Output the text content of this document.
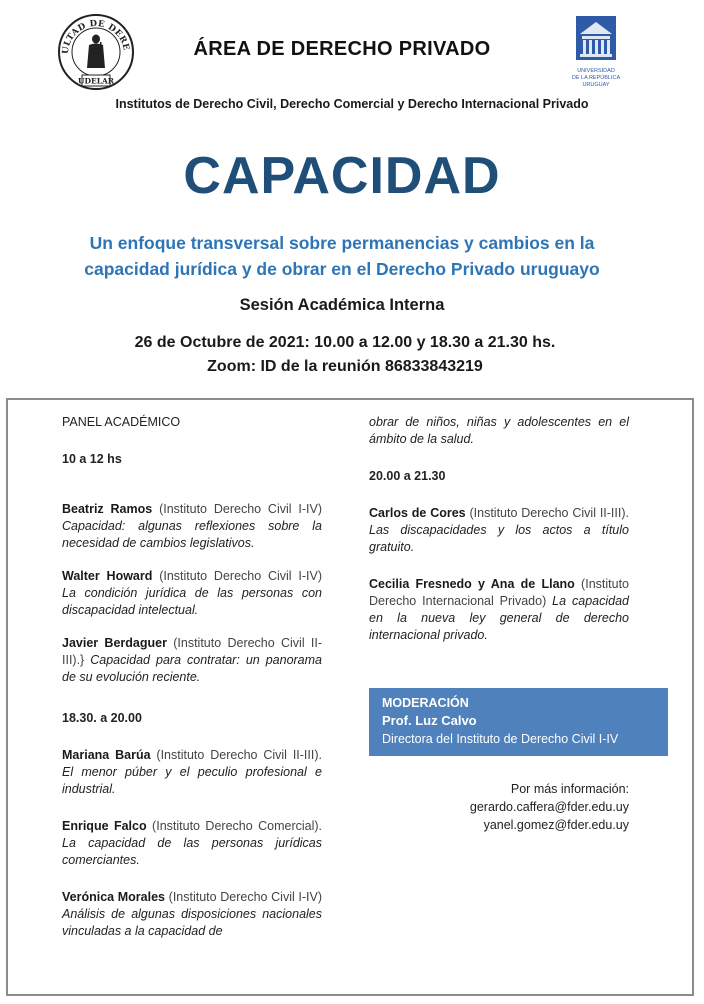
ULTAD DE DERE
UDELAR
UNIVERSIDAD
DE LA REPÚBLICA
URUGUAY
ÁREA DE DERECHO PRIVADO
Institutos de Derecho Civil, Derecho Comercial y Derecho Internacional Privado
CAPACIDAD
Un enfoque transversal sobre permanencias y cambios en la
capacidad jurídica y de obrar en el Derecho Privado uruguayo
Sesión Académica Interna
26 de Octubre de 2021: 10.00 a 12.00 y 18.30 a 21.30 hs.
Zoom: ID de la reunión 86833843219

PANEL ACADÉMICO

10 a 12 hs

Beatriz Ramos (Instituto Derecho Civil I-IV) Capacidad: algunas reflexiones sobre la necesidad de cambios legislativos.

Walter Howard (Instituto Derecho Civil I-IV) La condición jurídica de las personas con discapacidad intelectual.

Javier Berdaguer (Instituto Derecho Civil II-III).} Capacidad para contratar: un panorama de su evolución reciente.

18.30. a 20.00

Mariana Barúa (Instituto Derecho Civil II-III). El menor púber y el peculio profesional e industrial.

Enrique Falco (Instituto Derecho Comercial). La capacidad de las personas jurídicas comerciantes.

Verónica Morales (Instituto Derecho Civil I-IV) Análisis de algunas disposiciones nacionales vinculadas a la capacidad de

obrar de niños, niñas y adolescentes en el ámbito de la salud.

20.00 a 21.30

Carlos de Cores (Instituto Derecho Civil II-III). Las discapacidades y los actos a título gratuito.

Cecilia Fresnedo y Ana de Llano (Instituto Derecho Internacional Privado) La capacidad en la nueva ley general de derecho internacional privado.

MODERACIÓN
Prof. Luz Calvo
Directora del Instituto de Derecho Civil I-IV
Por más información:
gerardo.caffera@fder.edu.uy
yanel.gomez@fder.edu.uy
